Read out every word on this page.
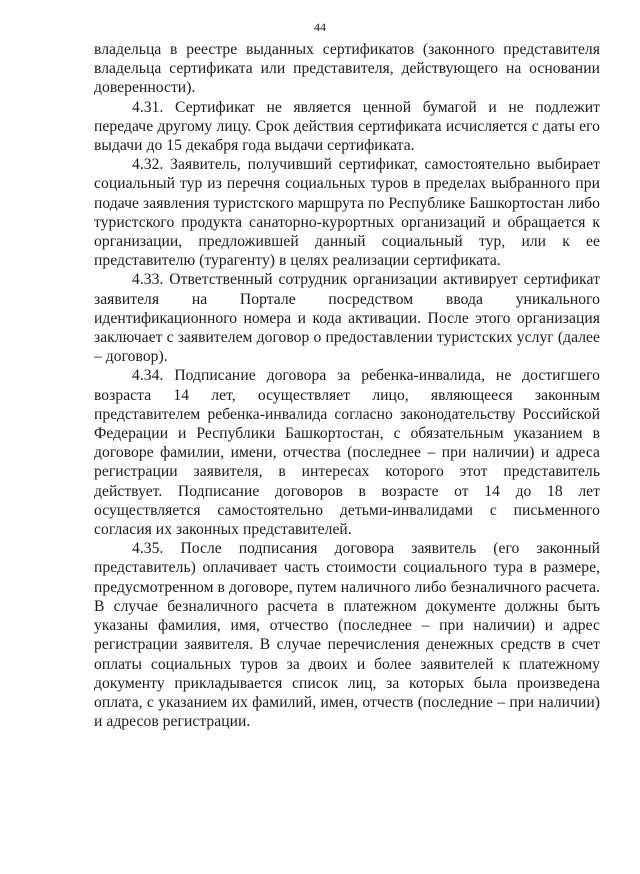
44

владельца в реестре выданных сертификатов (законного представителя владельца сертификата или представителя, действующего на основании доверенности).

4.31. Сертификат не является ценной бумагой и не подлежит передаче другому лицу. Срок действия сертификата исчисляется с даты его выдачи до 15 декабря года выдачи сертификата.

4.32. Заявитель, получивший сертификат, самостоятельно выбирает социальный тур из перечня социальных туров в пределах выбранного при подаче заявления туристского маршрута по Республике Башкортостан либо туристского продукта санаторно-курортных организаций и обращается к организации, предложившей данный социальный тур, или к ее представителю (турагенту) в целях реализации сертификата.

4.33. Ответственный сотрудник организации активирует сертификат заявителя на Портале посредством ввода уникального идентификационного номера и кода активации. После этого организация заключает с заявителем договор о предоставлении туристских услуг (далее – договор).

4.34. Подписание договора за ребенка-инвалида, не достигшего возраста 14 лет, осуществляет лицо, являющееся законным представителем ребенка-инвалида согласно законодательству Российской Федерации и Республики Башкортостан, с обязательным указанием в договоре фамилии, имени, отчества (последнее – при наличии) и адреса регистрации заявителя, в интересах которого этот представитель действует. Подписание договоров в возрасте от 14 до 18 лет осуществляется самостоятельно детьми-инвалидами с письменного согласия их законных представителей.

4.35. После подписания договора заявитель (его законный представитель) оплачивает часть стоимости социального тура в размере, предусмотренном в договоре, путем наличного либо безналичного расчета. В случае безналичного расчета в платежном документе должны быть указаны фамилия, имя, отчество (последнее – при наличии) и адрес регистрации заявителя. В случае перечисления денежных средств в счет оплаты социальных туров за двоих и более заявителей к платежному документу прикладывается список лиц, за которых была произведена оплата, с указанием их фамилий, имен, отчеств (последние – при наличии) и адресов регистрации.
